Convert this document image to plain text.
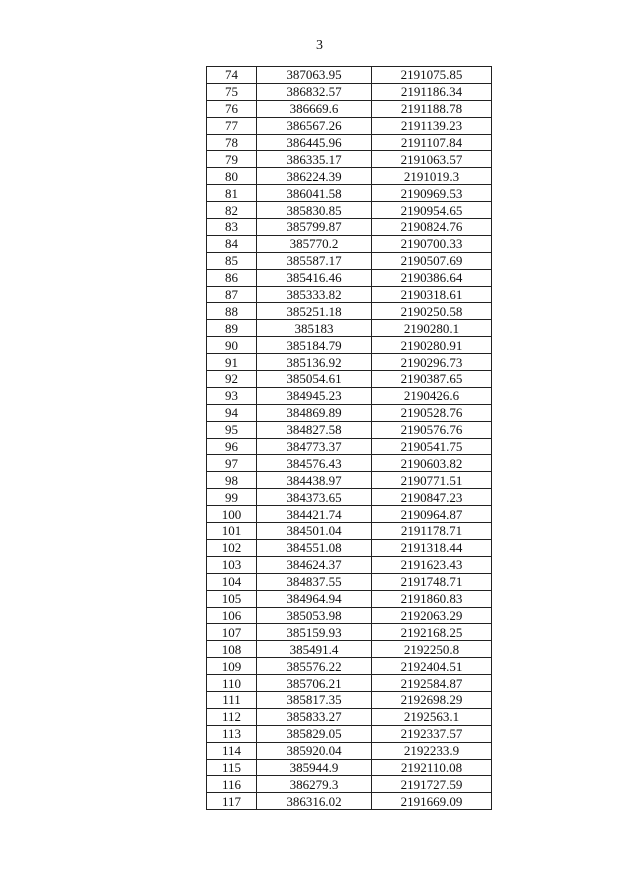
3
74	387063.95	2191075.85
75	386832.57	2191186.34
76	386669.6	2191188.78
77	386567.26	2191139.23
78	386445.96	2191107.84
79	386335.17	2191063.57
80	386224.39	2191019.3
81	386041.58	2190969.53
82	385830.85	2190954.65
83	385799.87	2190824.76
84	385770.2	2190700.33
85	385587.17	2190507.69
86	385416.46	2190386.64
87	385333.82	2190318.61
88	385251.18	2190250.58
89	385183	2190280.1
90	385184.79	2190280.91
91	385136.92	2190296.73
92	385054.61	2190387.65
93	384945.23	2190426.6
94	384869.89	2190528.76
95	384827.58	2190576.76
96	384773.37	2190541.75
97	384576.43	2190603.82
98	384438.97	2190771.51
99	384373.65	2190847.23
100	384421.74	2190964.87
101	384501.04	2191178.71
102	384551.08	2191318.44
103	384624.37	2191623.43
104	384837.55	2191748.71
105	384964.94	2191860.83
106	385053.98	2192063.29
107	385159.93	2192168.25
108	385491.4	2192250.8
109	385576.22	2192404.51
110	385706.21	2192584.87
111	385817.35	2192698.29
112	385833.27	2192563.1
113	385829.05	2192337.57
114	385920.04	2192233.9
115	385944.9	2192110.08
116	386279.3	2191727.59
117	386316.02	2191669.09
